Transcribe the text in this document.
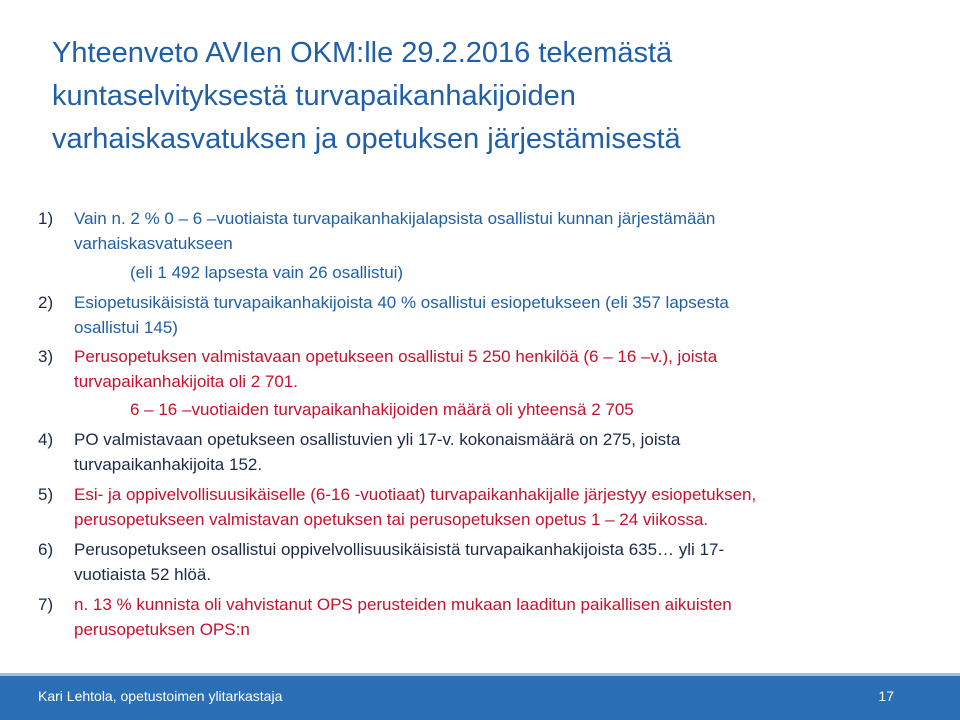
Yhteenveto AVIen OKM:lle 29.2.2016 tekemästä
kuntaselvityksestä turvapaikanhakijoiden
varhaiskasvatuksen ja opetuksen järjestämisestä
1) Vain n. 2 % 0 – 6 –vuotiaista turvapaikanhakijalapsista osallistui kunnan järjestämään
varhaiskasvatukseen
(eli 1 492 lapsesta vain 26 osallistui)
2) Esiopetusikäisistä turvapaikanhakijoista 40 % osallistui esiopetukseen (eli 357 lapsesta
osallistui 145)
3) Perusopetuksen valmistavaan opetukseen osallistui 5 250 henkilöä (6 – 16 –v.), joista
turvapaikanhakijoita oli 2 701.
6 – 16 –vuotiaiden turvapaikanhakijoiden määrä oli yhteensä 2 705
4) PO valmistavaan opetukseen osallistuvien yli 17-v. kokonaismäärä on 275, joista
turvapaikanhakijoita 152.
5) Esi- ja oppivelvollisuusikäiselle (6-16 -vuotiaat) turvapaikanhakijalle järjestyy esiopetuksen,
perusopetukseen valmistavan opetuksen tai perusopetuksen opetus 1 – 24 viikossa.
6) Perusopetukseen osallistui oppivelvollisuusikäisistä turvapaikanhakijoista 635… yli 17-
vuotiaista 52 hlöä.
7) n. 13 % kunnista oli vahvistanut OPS perusteiden mukaan laaditun paikallisen aikuisten
perusopetuksen OPS:n
Kari Lehtola, opetustoimen ylitarkastaja	17
